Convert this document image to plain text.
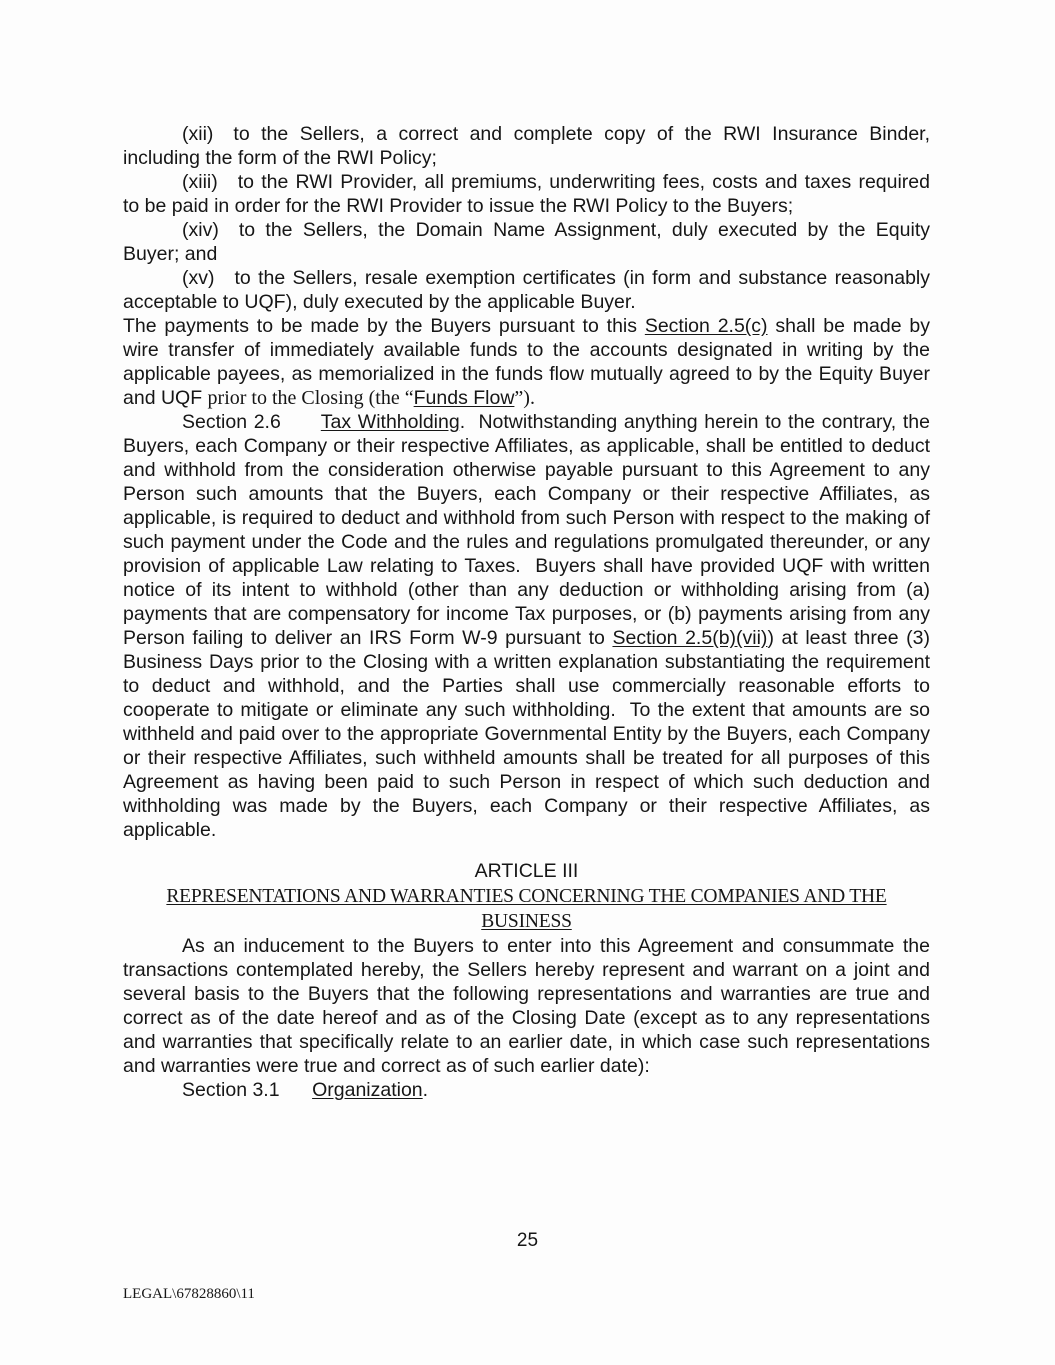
(xii) to the Sellers, a correct and complete copy of the RWI Insurance Binder, including the form of the RWI Policy;

(xiii) to the RWI Provider, all premiums, underwriting fees, costs and taxes required to be paid in order for the RWI Provider to issue the RWI Policy to the Buyers;

(xiv) to the Sellers, the Domain Name Assignment, duly executed by the Equity Buyer; and

(xv) to the Sellers, resale exemption certificates (in form and substance reasonably acceptable to UQF), duly executed by the applicable Buyer.

The payments to be made by the Buyers pursuant to this Section 2.5(c) shall be made by wire transfer of immediately available funds to the accounts designated in writing by the applicable payees, as memorialized in the funds flow mutually agreed to by the Equity Buyer and UQF prior to the Closing (the “Funds Flow”).

Section 2.6 Tax Withholding.  Notwithstanding anything herein to the contrary, the Buyers, each Company or their respective Affiliates, as applicable, shall be entitled to deduct and withhold from the consideration otherwise payable pursuant to this Agreement to any Person such amounts that the Buyers, each Company or their respective Affiliates, as applicable, is required to deduct and withhold from such Person with respect to the making of such payment under the Code and the rules and regulations promulgated thereunder, or any provision of applicable Law relating to Taxes.  Buyers shall have provided UQF with written notice of its intent to withhold (other than any deduction or withholding arising from (a) payments that are compensatory for income Tax purposes, or (b) payments arising from any Person failing to deliver an IRS Form W-9 pursuant to Section 2.5(b)(vii)) at least three (3) Business Days prior to the Closing with a written explanation substantiating the requirement to deduct and withhold, and the Parties shall use commercially reasonable efforts to cooperate to mitigate or eliminate any such withholding.  To the extent that amounts are so withheld and paid over to the appropriate Governmental Entity by the Buyers, each Company or their respective Affiliates, such withheld amounts shall be treated for all purposes of this Agreement as having been paid to such Person in respect of which such deduction and withholding was made by the Buyers, each Company or their respective Affiliates, as applicable.

ARTICLE III
REPRESENTATIONS AND WARRANTIES CONCERNING THE COMPANIES AND THE
BUSINESS

As an inducement to the Buyers to enter into this Agreement and consummate the transactions contemplated hereby, the Sellers hereby represent and warrant on a joint and several basis to the Buyers that the following representations and warranties are true and correct as of the date hereof and as of the Closing Date (except as to any representations and warranties that specifically relate to an earlier date, in which case such representations and warranties were true and correct as of such earlier date):

Section 3.1 Organization.

25
LEGAL\67828860\11
